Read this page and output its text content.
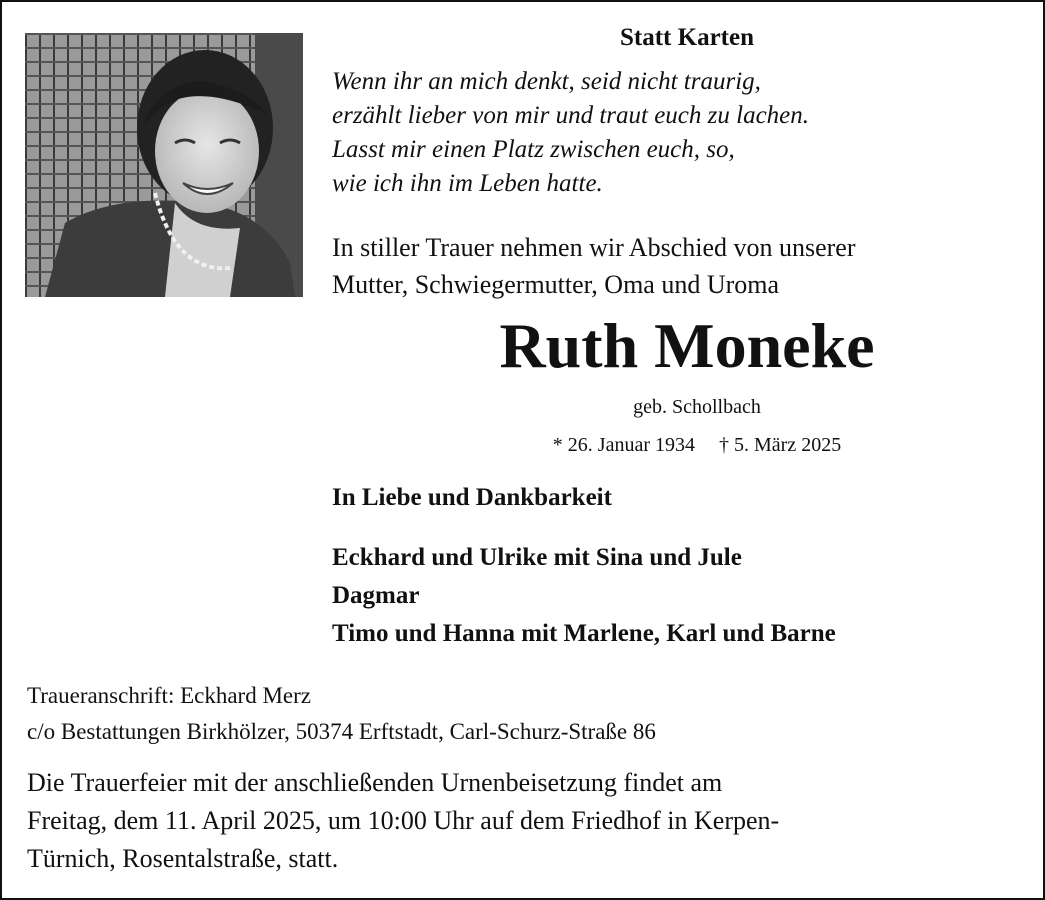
Statt Karten
Wenn ihr an mich denkt, seid nicht traurig,
erzählt lieber von mir und traut euch zu lachen.
Lasst mir einen Platz zwischen euch, so,
wie ich ihn im Leben hatte.
In stiller Trauer nehmen wir Abschied von unserer
Mutter, Schwiegermutter, Oma und Uroma
Ruth Moneke
geb. Schollbach
* 26. Januar 1934 † 5. März 2025
In Liebe und Dankbarkeit
Eckhard und Ulrike mit Sina und Jule
Dagmar
Timo und Hanna mit Marlene, Karl und Barne
Traueranschrift: Eckhard Merz
c/o Bestattungen Birkhölzer, 50374 Erftstadt, Carl-Schurz-Straße 86
Die Trauerfeier mit der anschließenden Urnenbeisetzung findet am
Freitag, dem 11. April 2025, um 10:00 Uhr auf dem Friedhof in Kerpen-
Türnich, Rosentalstraße, statt.
